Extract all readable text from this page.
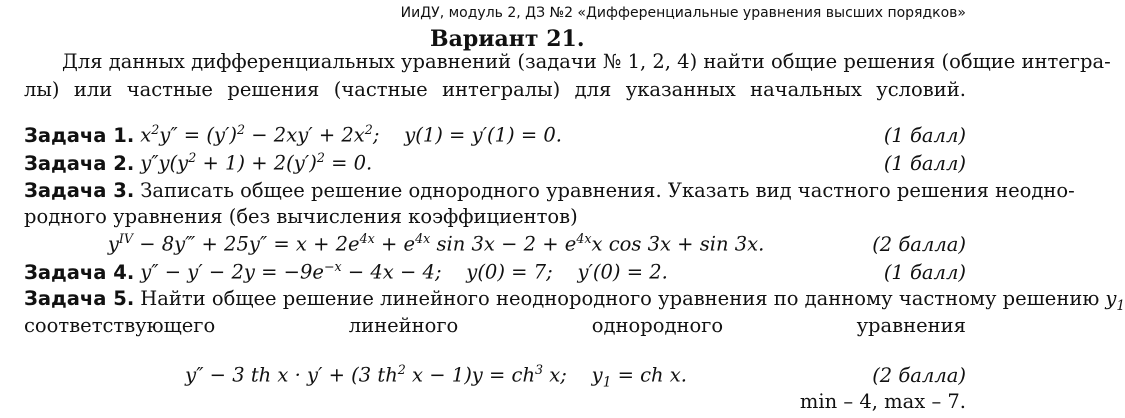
ИиДУ, модуль 2, ДЗ №2 «Дифференциальные уравнения высших порядков»
Вариант 21.
Для данных дифференциальных уравнений (задачи № 1, 2, 4) найти общие решения (общие интегра-
лы) или частные решения (частные интегралы) для указанных начальных условий.
Задача 1. $x^2y'' = (y')^2 - 2xy' + 2x^2$;    y(1) = y′(1) = 0.	(1 балл)
Задача 2. $y''y(y^2 + 1) + 2(y')^2 = 0$.	(1 балл)
Задача 3. Записать общее решение однородного уравнения. Указать вид частного решения неодно-
родного уравнения (без вычисления коэффициентов)
$y^{IV}$ − 8y‴ + $25y'' = x + 2e^{4x} + e^{4x}$ $\sin 3x - 2 + e^{4x}x$ cos 3x + sin 3x.	(2 балла)
Задача 4. $y'' - y' - 2y = -9e^{-x} - 4x - 4$;    y(0) = 7;    y′(0) = 2.	(1 балл)
Задача 5. Найти общее решение линейного неоднородного уравнения по данному частному решению $y_1$
соответствующего	линейного	однородного	уравнения
y″ − 3 th x · y′ + (3 $th^2$ $x - 1)y = ch^3$ x;    $y_1$ = ch x.	(2 балла)
min – 4, max – 7.
